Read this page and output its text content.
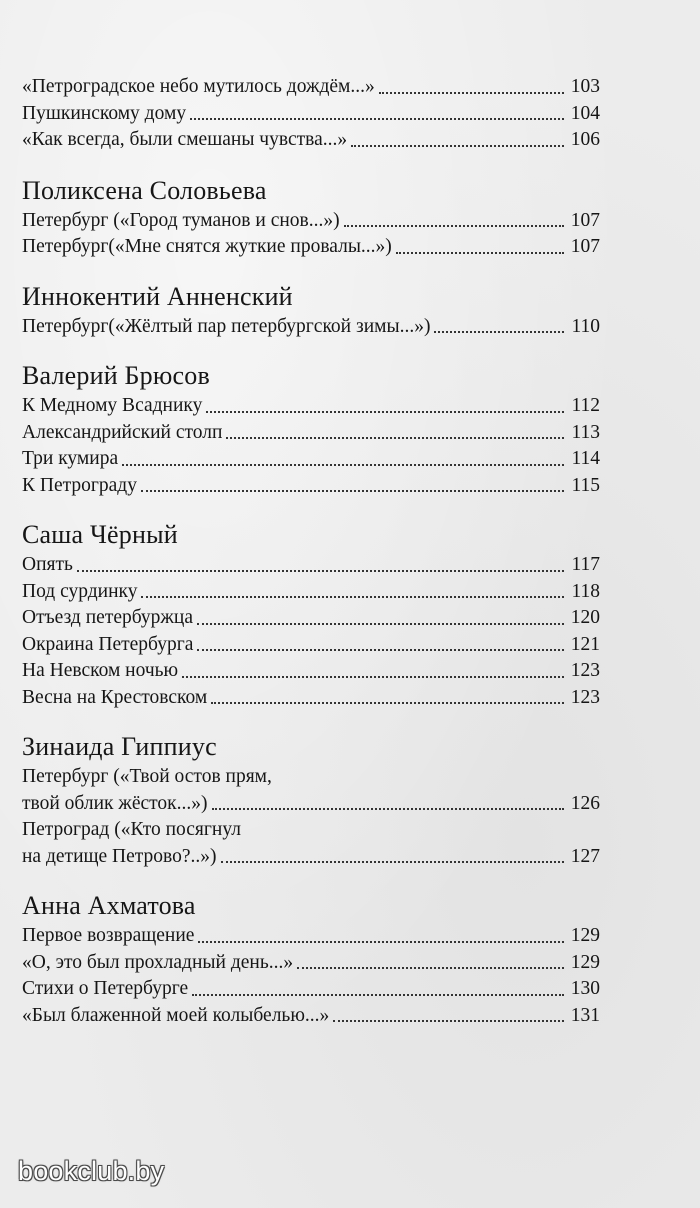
«Петроградское небо мутилось дождём...»	103
Пушкинскому дому	104
«Как всегда, были смешаны чувства...»	106
Поликсена Соловьева
Петербург («Город туманов и снов...»)	107
Петербург(«Мне снятся жуткие провалы...»)	107
Иннокентий Анненский
Петербург(«Жёлтый пар петербургской зимы...»)	110
Валерий Брюсов
К Медному Всаднику	112
Александрийский столп	113
Три кумира	114
К Петрограду	115
Саша Чёрный
Опять	117
Под сурдинку	118
Отъезд петербуржца	120
Окраина Петербурга	121
На Невском ночью	123
Весна на Крестовском	123
Зинаида Гиппиус
Петербург («Твой остов прям,
твой облик жёсток...»)	126
Петроград («Кто посягнул
на детище Петрово?..»)	127
Анна Ахматова
Первое возвращение	129
«О, это был прохладный день...»	129
Стихи о Петербурге	130
«Был блаженной моей колыбелью...»	131
bookclub.by
